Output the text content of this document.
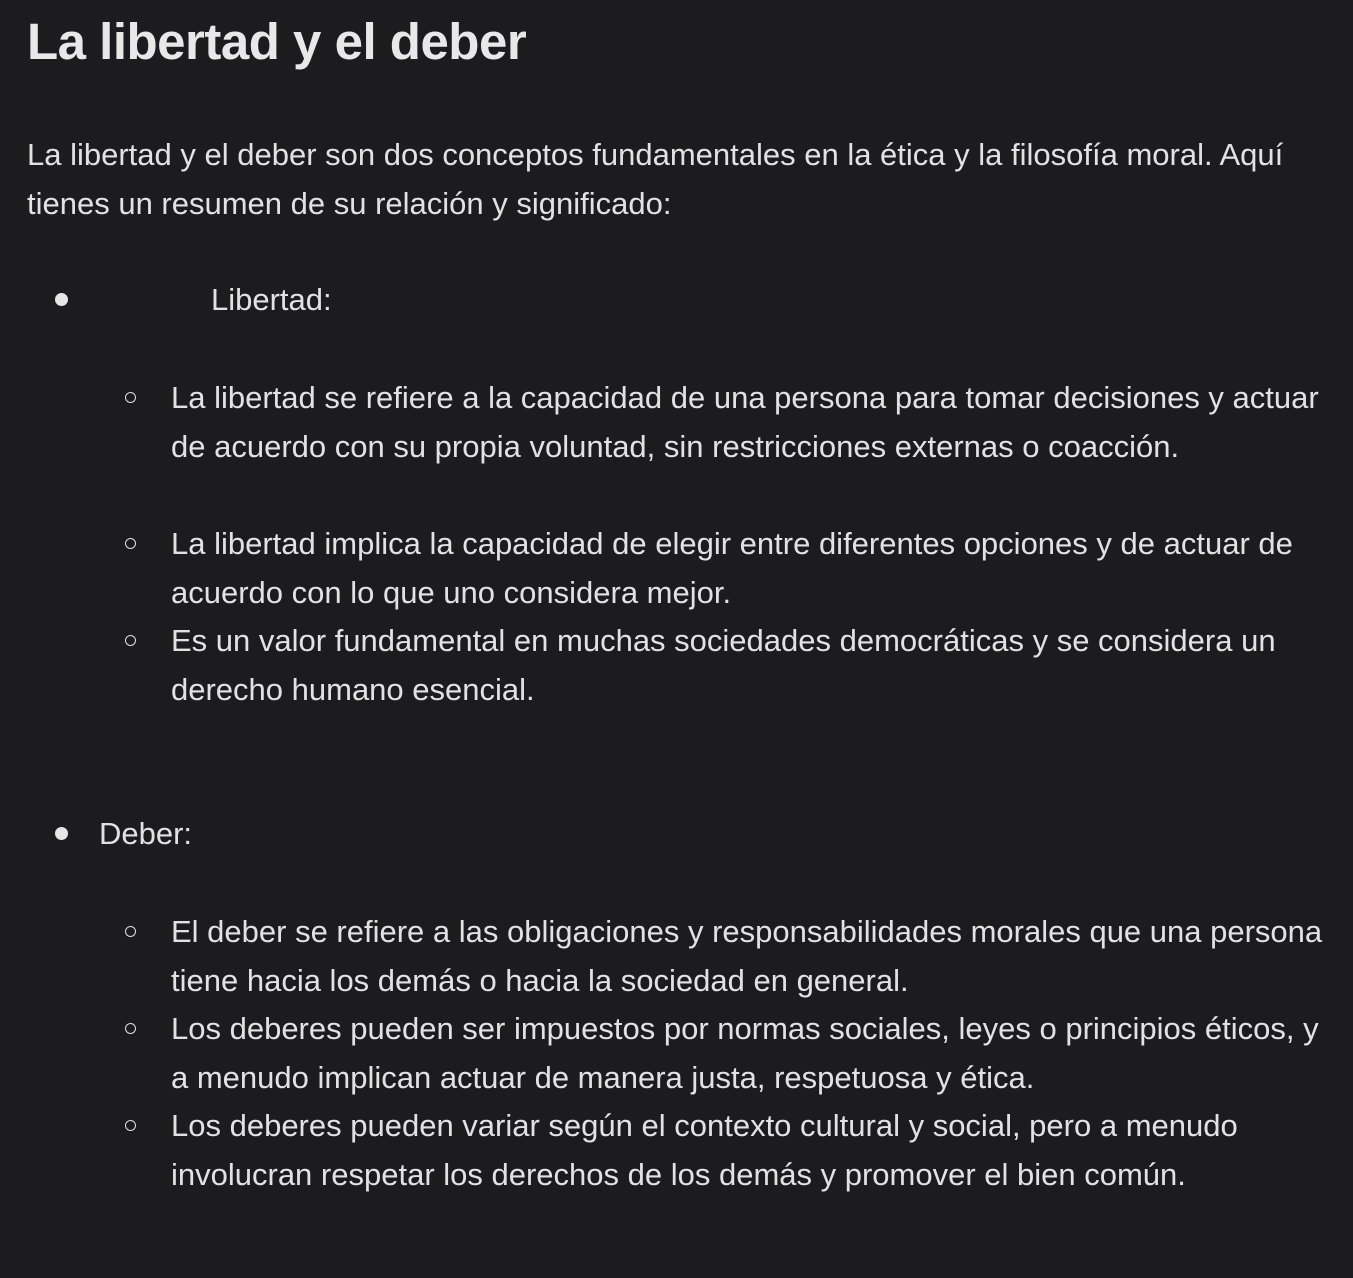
La libertad y el deber

La libertad y el deber son dos conceptos fundamentales en la ética y la filosofía moral. Aquí tienes un resumen de su relación y significado:

Libertad:

La libertad se refiere a la capacidad de una persona para tomar decisiones y actuar de acuerdo con su propia voluntad, sin restricciones externas o coacción.

La libertad implica la capacidad de elegir entre diferentes opciones y de actuar de acuerdo con lo que uno considera mejor.

Es un valor fundamental en muchas sociedades democráticas y se considera un derecho humano esencial.

Deber:

El deber se refiere a las obligaciones y responsabilidades morales que una persona tiene hacia los demás o hacia la sociedad en general.

Los deberes pueden ser impuestos por normas sociales, leyes o principios éticos, y a menudo implican actuar de manera justa, respetuosa y ética.

Los deberes pueden variar según el contexto cultural y social, pero a menudo involucran respetar los derechos de los demás y promover el bien común.
